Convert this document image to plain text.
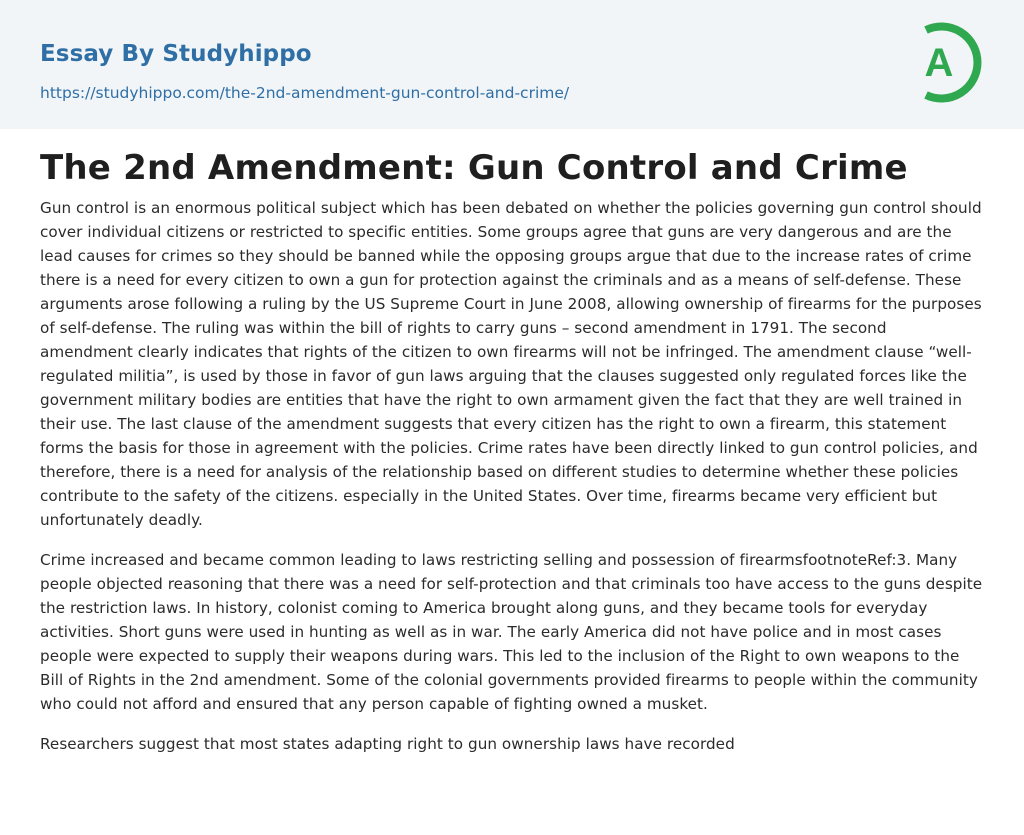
Essay By Studyhippo
https://studyhippo.com/the-2nd-amendment-gun-control-and-crime/
A
The 2nd Amendment: Gun Control and Crime

Gun control is an enormous political subject which has been debated on whether the policies governing gun control should cover individual citizens or restricted to specific entities. Some groups agree that guns are very dangerous and are the lead causes for crimes so they should be banned while the opposing groups argue that due to the increase rates of crime there is a need for every citizen to own a gun for protection against the criminals and as a means of self-defense. These arguments arose following a ruling by the US Supreme Court in June 2008, allowing ownership of firearms for the purposes of self-defense. The ruling was within the bill of rights to carry guns – second amendment in 1791. The second amendment clearly indicates that rights of the citizen to own firearms will not be infringed. The amendment clause “well-regulated militia”, is used by those in favor of gun laws arguing that the clauses suggested only regulated forces like the government military bodies are entities that have the right to own armament given the fact that they are well trained in their use. The last clause of the amendment suggests that every citizen has the right to own a firearm, this statement forms the basis for those in agreement with the policies. Crime rates have been directly linked to gun control policies, and therefore, there is a need for analysis of the relationship based on different studies to determine whether these policies contribute to the safety of the citizens. especially in the United States. Over time, firearms became very efficient but unfortunately deadly.

Crime increased and became common leading to laws restricting selling and possession of firearmsfootnoteRef:3. Many people objected reasoning that there was a need for self-protection and that criminals too have access to the guns despite the restriction laws. In history, colonist coming to America brought along guns, and they became tools for everyday activities. Short guns were used in hunting as well as in war. The early America did not have police and in most cases people were expected to supply their weapons during wars. This led to the inclusion of the Right to own weapons to the Bill of Rights in the 2nd amendment. Some of the colonial governments provided firearms to people within the community who could not afford and ensured that any person capable of fighting owned a musket.

Researchers suggest that most states adapting right to gun ownership laws have recorded
